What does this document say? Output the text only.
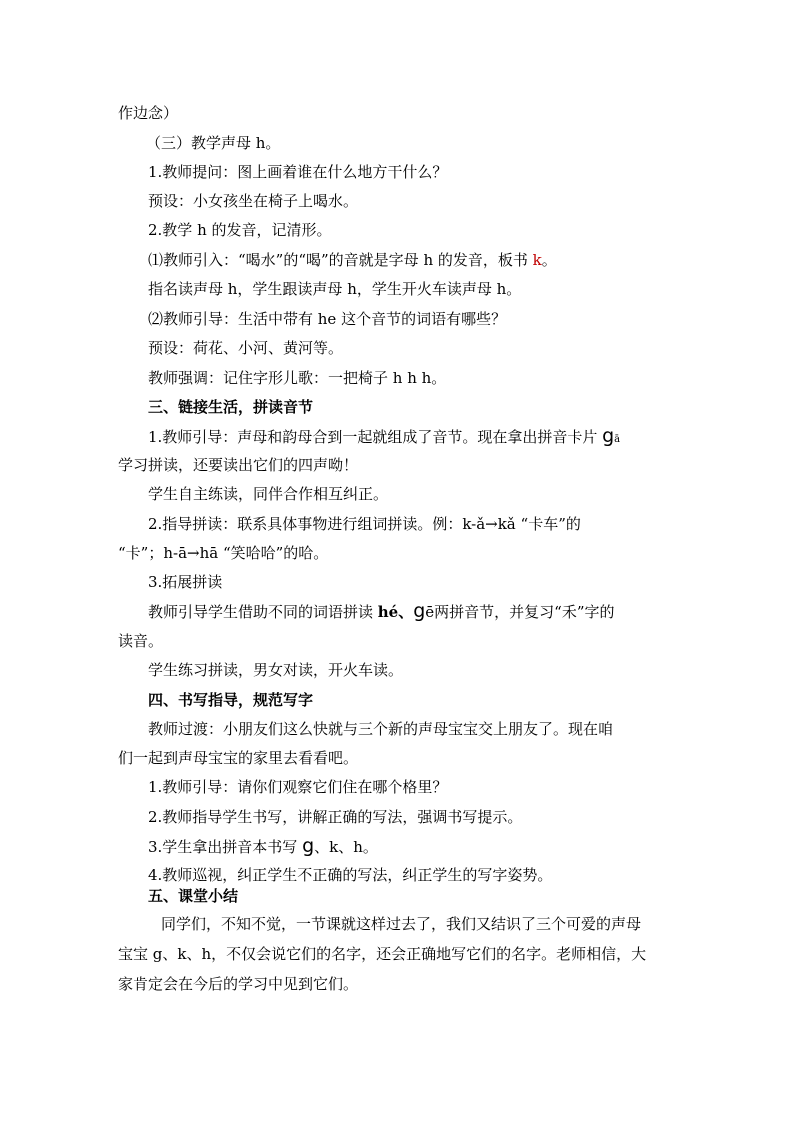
作边念）
（三）教学声母 h。
1.教师提问：图上画着谁在什么地方干什么？
预设：小女孩坐在椅子上喝水。
2.教学 h 的发音，记清形。
⑴教师引入：“喝水”的“喝”的音就是字母 h 的发音，板书 k。
指名读声母 h，学生跟读声母 h，学生开火车读声母 h。
⑵教师引导：生活中带有 he 这个音节的词语有哪些？
预设：荷花、小河、黄河等。
教师强调：记住字形儿歌：一把椅子 h h h。
三、链接生活，拼读音节
1.教师引导：声母和韵母合到一起就组成了音节。现在拿出拼音卡片 gā
学习拼读，还要读出它们的四声呦！
学生自主练读，同伴合作相互纠正。
2.指导拼读：联系具体事物进行组词拼读。例：k-ǎ→kǎ “卡车”的
“卡”；h-ā→hā “笑哈哈”的哈。
3.拓展拼读
教师引导学生借助不同的词语拼读 hé、gē两拼音节，并复习“禾”字的
读音。
学生练习拼读，男女对读，开火车读。
四、书写指导，规范写字
教师过渡：小朋友们这么快就与三个新的声母宝宝交上朋友了。现在咱
们一起到声母宝宝的家里去看看吧。
1.教师引导：请你们观察它们住在哪个格里？
2.教师指导学生书写，讲解正确的写法，强调书写提示。
3.学生拿出拼音本书写 g、k、h。
4.教师巡视，纠正学生不正确的写法，纠正学生的写字姿势。
五、课堂小结
同学们，不知不觉，一节课就这样过去了，我们又结识了三个可爱的声母
宝宝 g、k、h，不仅会说它们的名字，还会正确地写它们的名字。老师相信，大
家肯定会在今后的学习中见到它们。
